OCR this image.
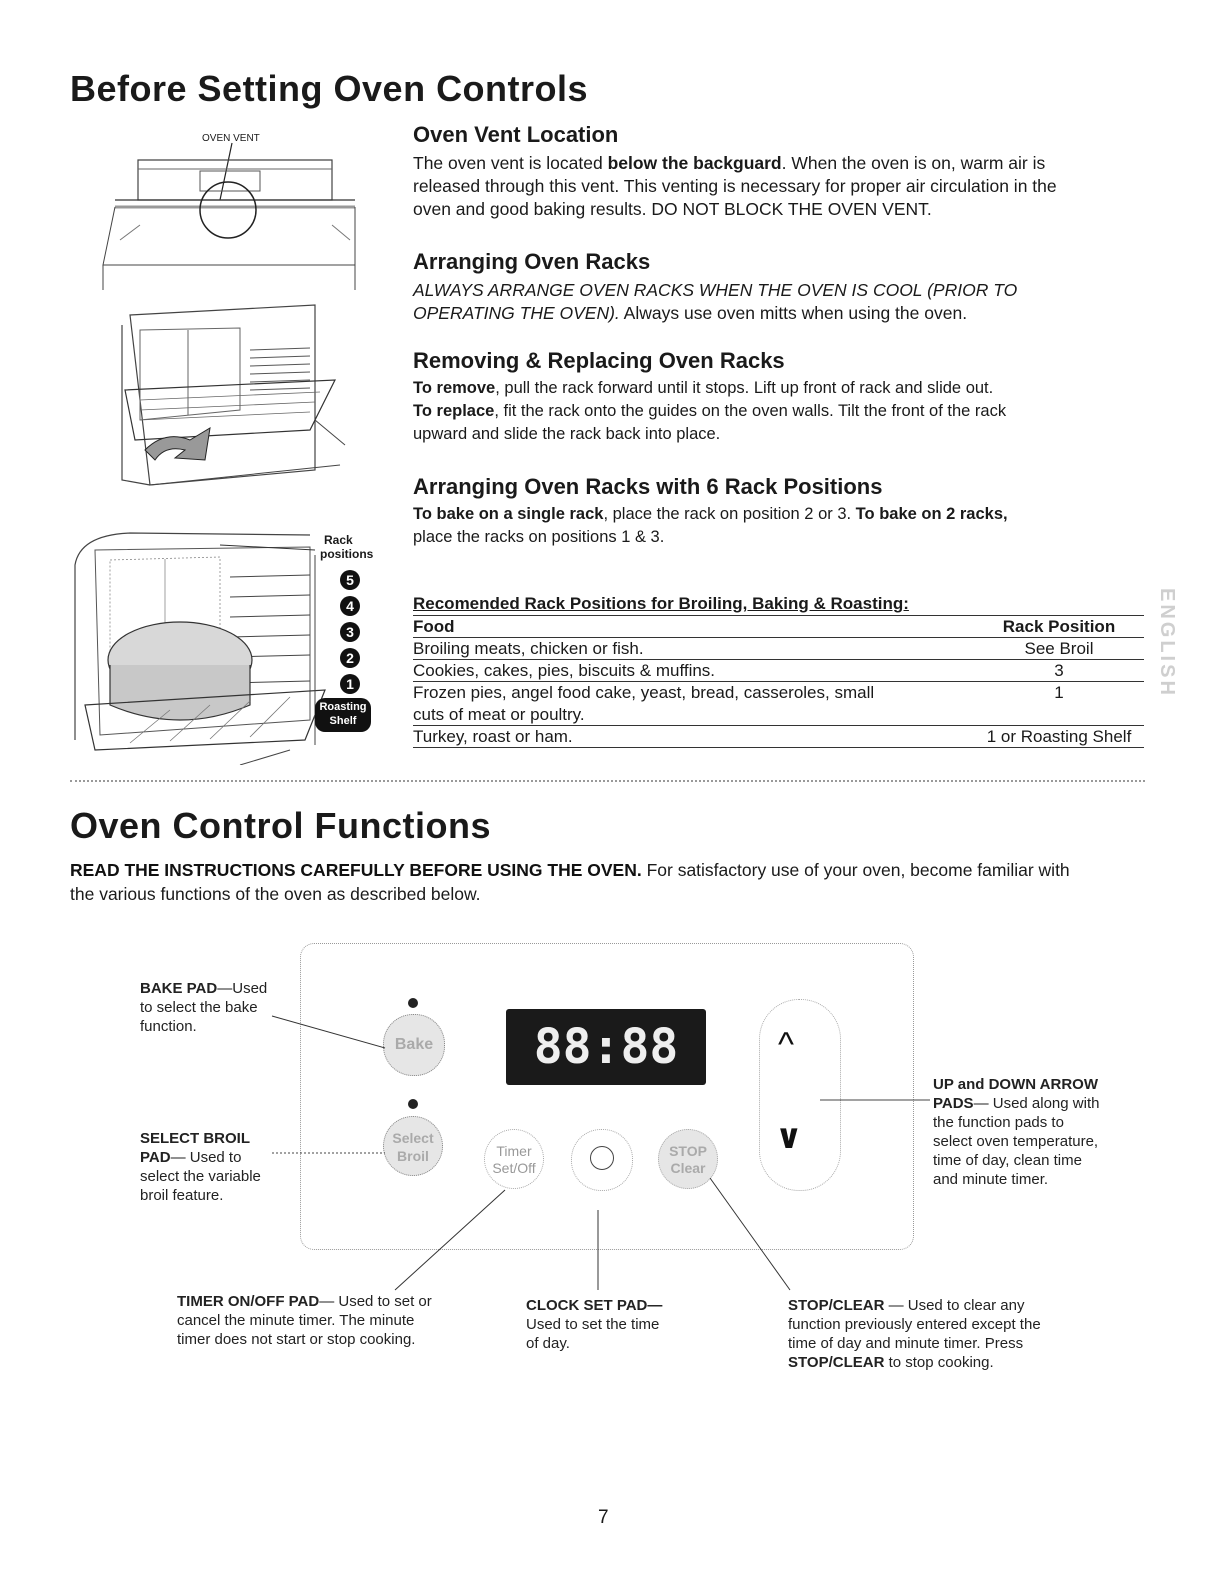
Before Setting Oven Controls
OVEN VENT
Rack
positions
5
4
3
2
1
Roasting
Shelf
Oven Vent Location
The oven vent is located below the backguard. When the oven is on, warm air is
released through this vent. This venting is necessary for proper air circulation in the
oven and good baking results. DO NOT BLOCK THE OVEN VENT.
Arranging Oven Racks
ALWAYS ARRANGE OVEN RACKS WHEN THE OVEN IS COOL (PRIOR TO
OPERATING THE OVEN). Always use oven mitts when using the oven.
Removing & Replacing Oven Racks
To remove, pull the rack forward until it stops. Lift up front of rack and slide out.
To replace, fit the rack onto the guides on the oven walls. Tilt the front of the rack
upward and slide the rack back into place.
Arranging Oven Racks with 6 Rack Positions
To bake on a single rack, place the rack on position 2 or 3. To bake on 2 racks,
place the racks on positions 1 & 3.
Recomended Rack Positions for Broiling, Baking & Roasting:
Food	Rack Position
Broiling meats, chicken or fish.	See Broil
Cookies, cakes, pies, biscuits & muffins.	3
Frozen pies, angel food cake, yeast, bread, casseroles, small	1
cuts of meat or poultry.
Turkey, roast or ham.	1 or Roasting Shelf
ENGLISH
Oven Control Functions
READ THE INSTRUCTIONS CAREFULLY BEFORE USING THE OVEN. For satisfactory use of your oven, become familiar with
the various functions of the oven as described below.
Bake	88:88	^
∨
Select
Broil	Timer
Set/Off
STOP
Clear
BAKE PAD—Used
to select the bake
function.
SELECT BROIL
PAD— Used to
select the variable
broil feature.
UP and DOWN ARROW
PADS— Used along with
the function pads to
select oven temperature,
time of day, clean time
and minute timer.
TIMER ON/OFF PAD— Used to set or
cancel the minute timer. The minute
timer does not start or stop cooking.
CLOCK SET PAD—
Used to set the time
of day.
STOP/CLEAR — Used to clear any
function previously entered except the
time of day and minute timer. Press
STOP/CLEAR to stop cooking.
7
